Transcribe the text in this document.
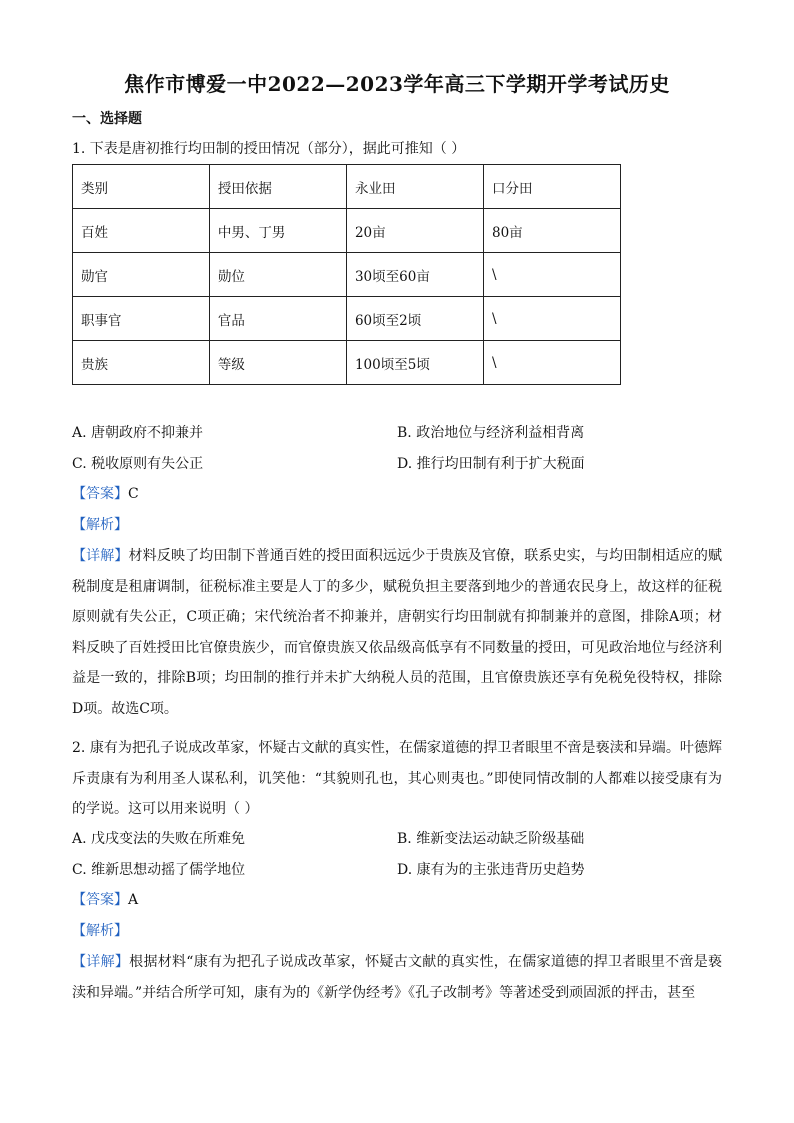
焦作市博爱一中2022—2023学年高三下学期开学考试历史
一、选择题
1. 下表是唐初推行均田制的授田情况（部分），据此可推知（ ）
类别	授田依据	永业田	口分田
百姓	中男、丁男	20亩	80亩
勋官	勋位	30顷至60亩	\
职事官	官品	60顷至2顷	\
贵族	等级	100顷至5顷	\
A. 唐朝政府不抑兼并	B. 政治地位与经济利益相背离
C. 税收原则有失公正	D. 推行均田制有利于扩大税面
【答案】C
【解析】
【详解】材料反映了均田制下普通百姓的授田面积远远少于贵族及官僚，联系史实，与均田制相适应的赋税制度是租庸调制，征税标准主要是人丁的多少，赋税负担主要落到地少的普通农民身上，故这样的征税原则就有失公正，C项正确；宋代统治者不抑兼并，唐朝实行均田制就有抑制兼并的意图，排除A项；材料反映了百姓授田比官僚贵族少，而官僚贵族又依品级高低享有不同数量的授田，可见政治地位与经济利益是一致的，排除B项；均田制的推行并未扩大纳税人员的范围，且官僚贵族还享有免税免役特权，排除D项。故选C项。
2. 康有为把孔子说成改革家，怀疑古文献的真实性，在儒家道德的捍卫者眼里不啻是亵渎和异端。叶德辉斥责康有为利用圣人谋私利，讥笑他：“其貌则孔也，其心则夷也。”即使同情改制的人都难以接受康有为的学说。这可以用来说明（ ）
A. 戊戌变法的失败在所难免	B. 维新变法运动缺乏阶级基础
C. 维新思想动摇了儒学地位	D. 康有为的主张违背历史趋势
【答案】A
【解析】
【详解】根据材料“康有为把孔子说成改革家，怀疑古文献的真实性，在儒家道德的捍卫者眼里不啻是亵渎和异端。”并结合所学可知，康有为的《新学伪经考》《孔子改制考》等著述受到顽固派的抨击，甚至
